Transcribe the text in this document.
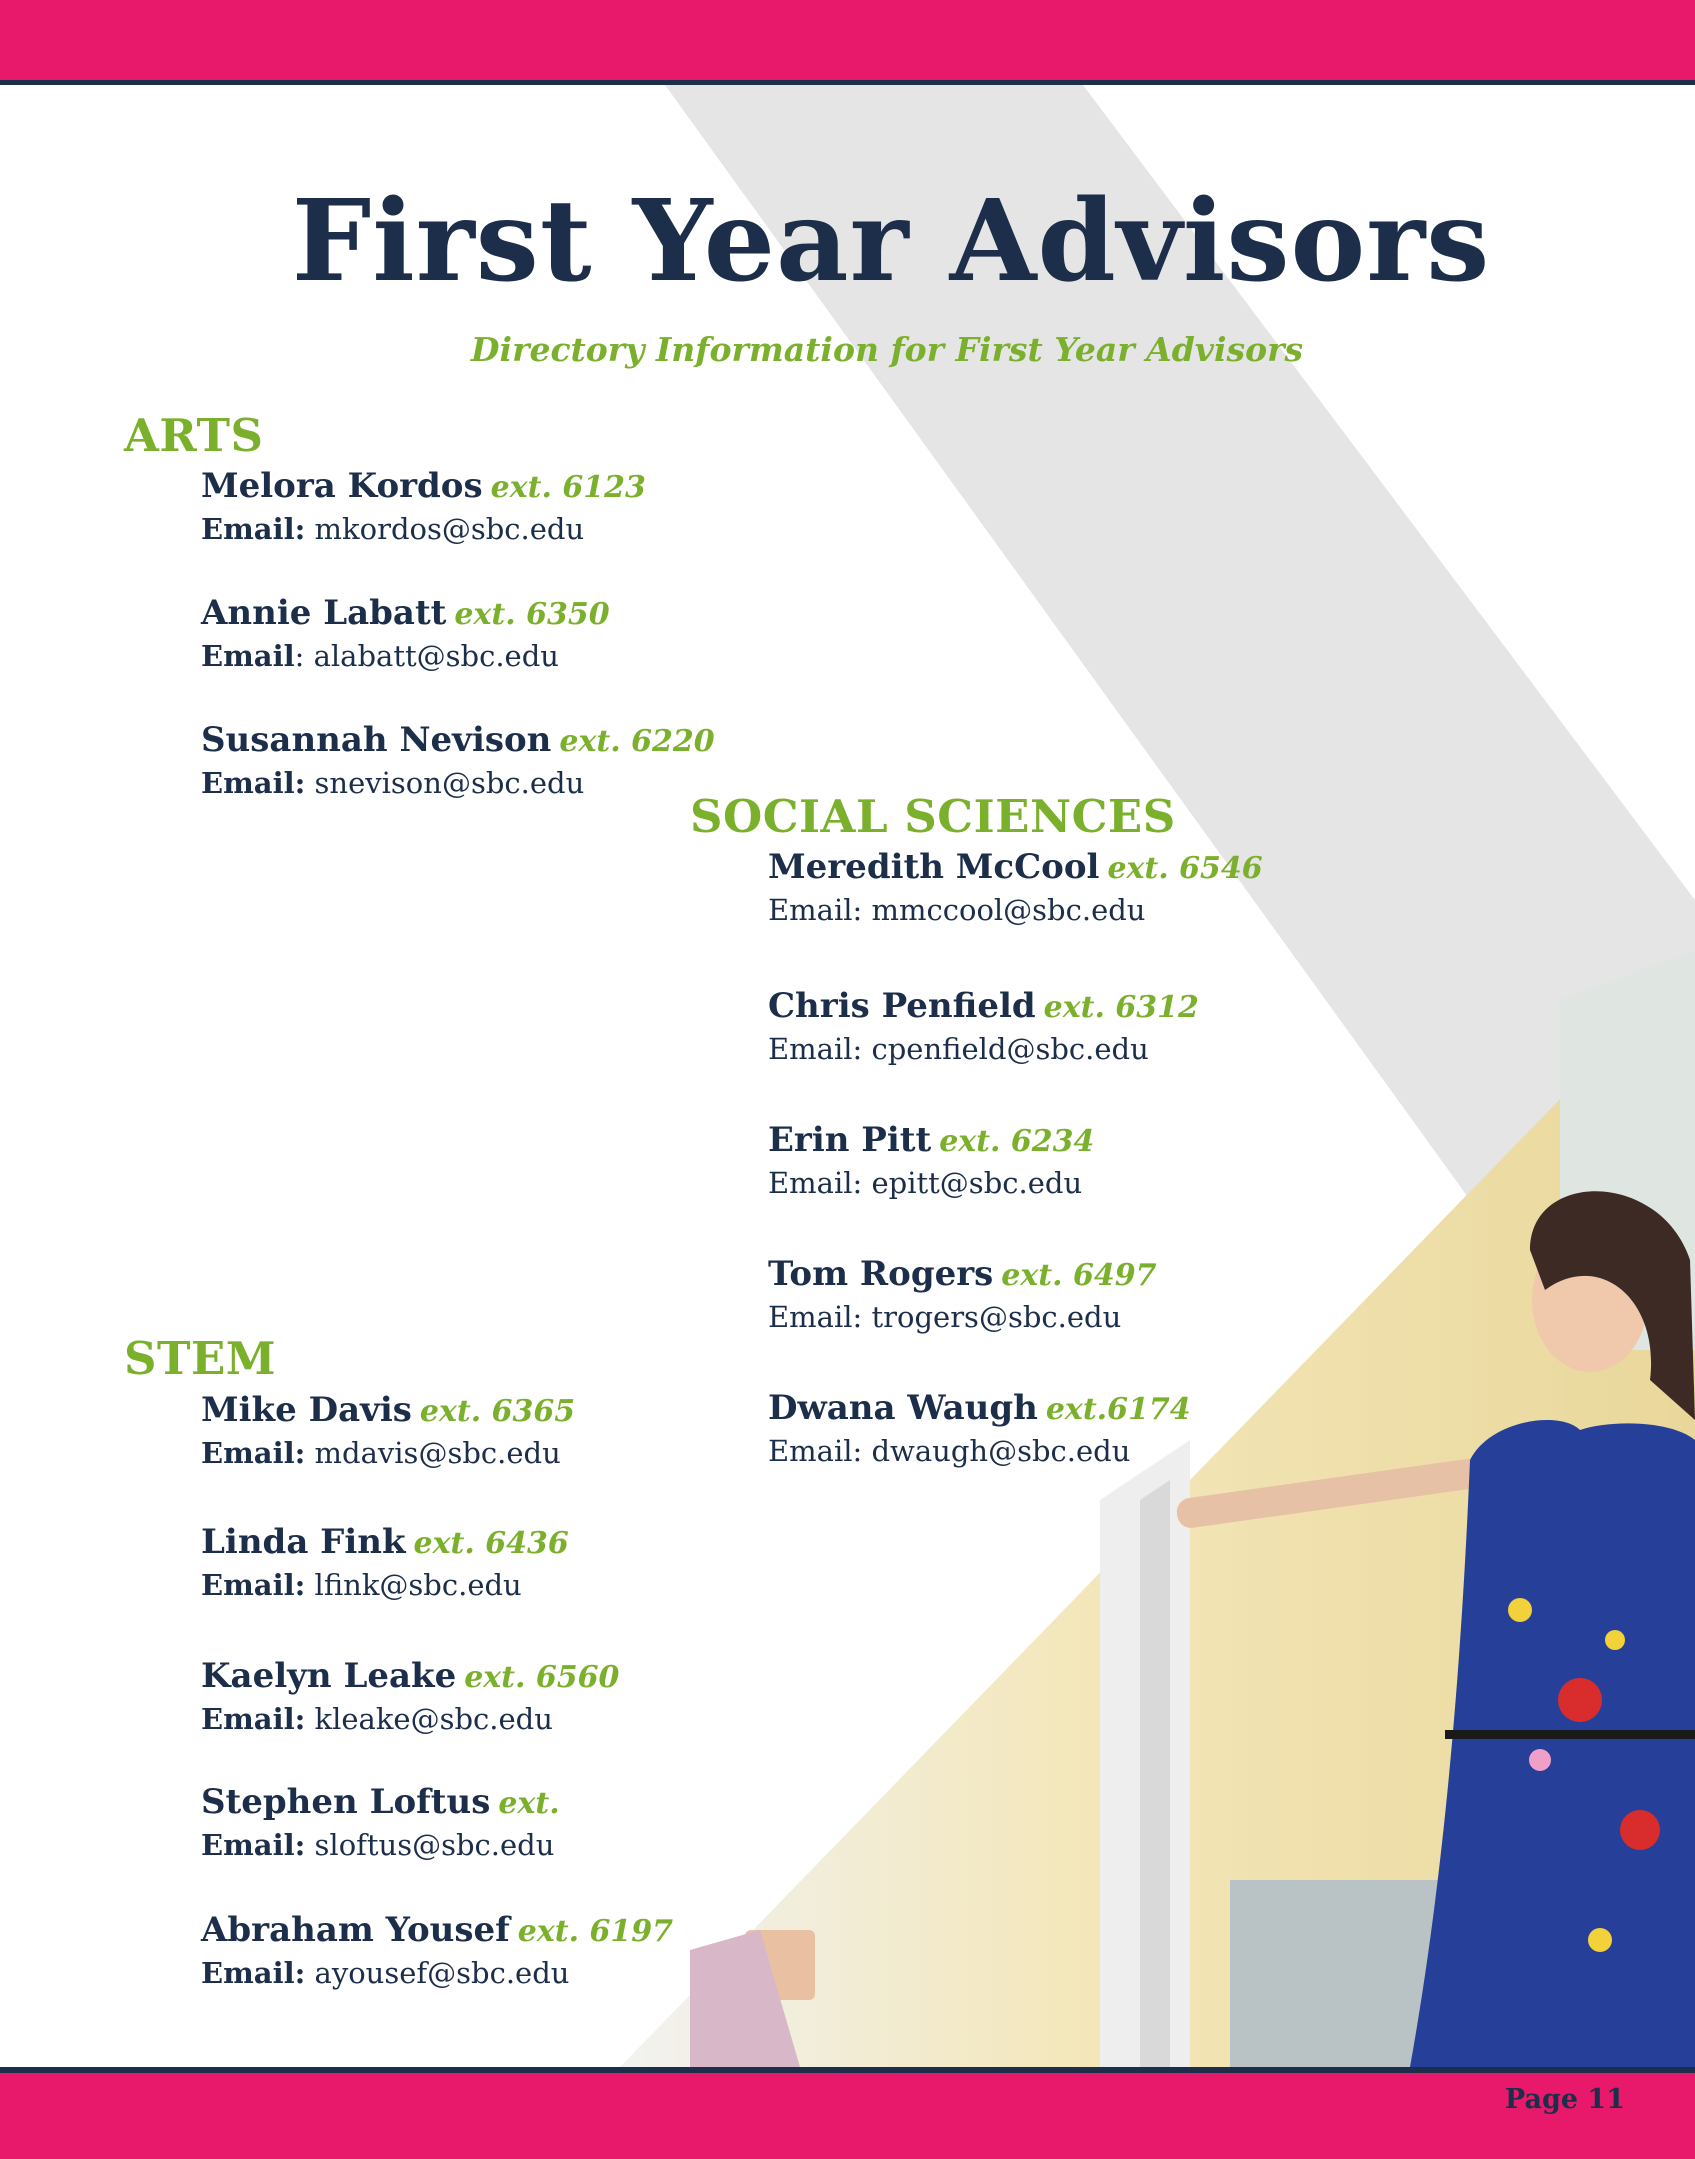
First Year Advisors

Directory Information for First Year Advisors

ARTS
Melora Kordos ext. 6123
Email: mkordos@sbc.edu
Annie Labatt ext. 6350
Email: alabatt@sbc.edu
Susannah Nevison ext. 6220
Email: snevison@sbc.edu
SOCIAL SCIENCES
Meredith McCool ext. 6546
Email: mmccool@sbc.edu
Chris Penfield ext. 6312
Email: cpenfield@sbc.edu
Erin Pitt ext. 6234
Email: epitt@sbc.edu
Tom Rogers ext. 6497
Email: trogers@sbc.edu
Dwana Waugh ext.6174
Email: dwaugh@sbc.edu
STEM
Mike Davis ext. 6365
Email: mdavis@sbc.edu
Linda Fink ext. 6436
Email: lfink@sbc.edu
Kaelyn Leake ext. 6560
Email: kleake@sbc.edu
Stephen Loftus ext.
Email: sloftus@sbc.edu
Abraham Yousef ext. 6197
Email: ayousef@sbc.edu
Page 11
